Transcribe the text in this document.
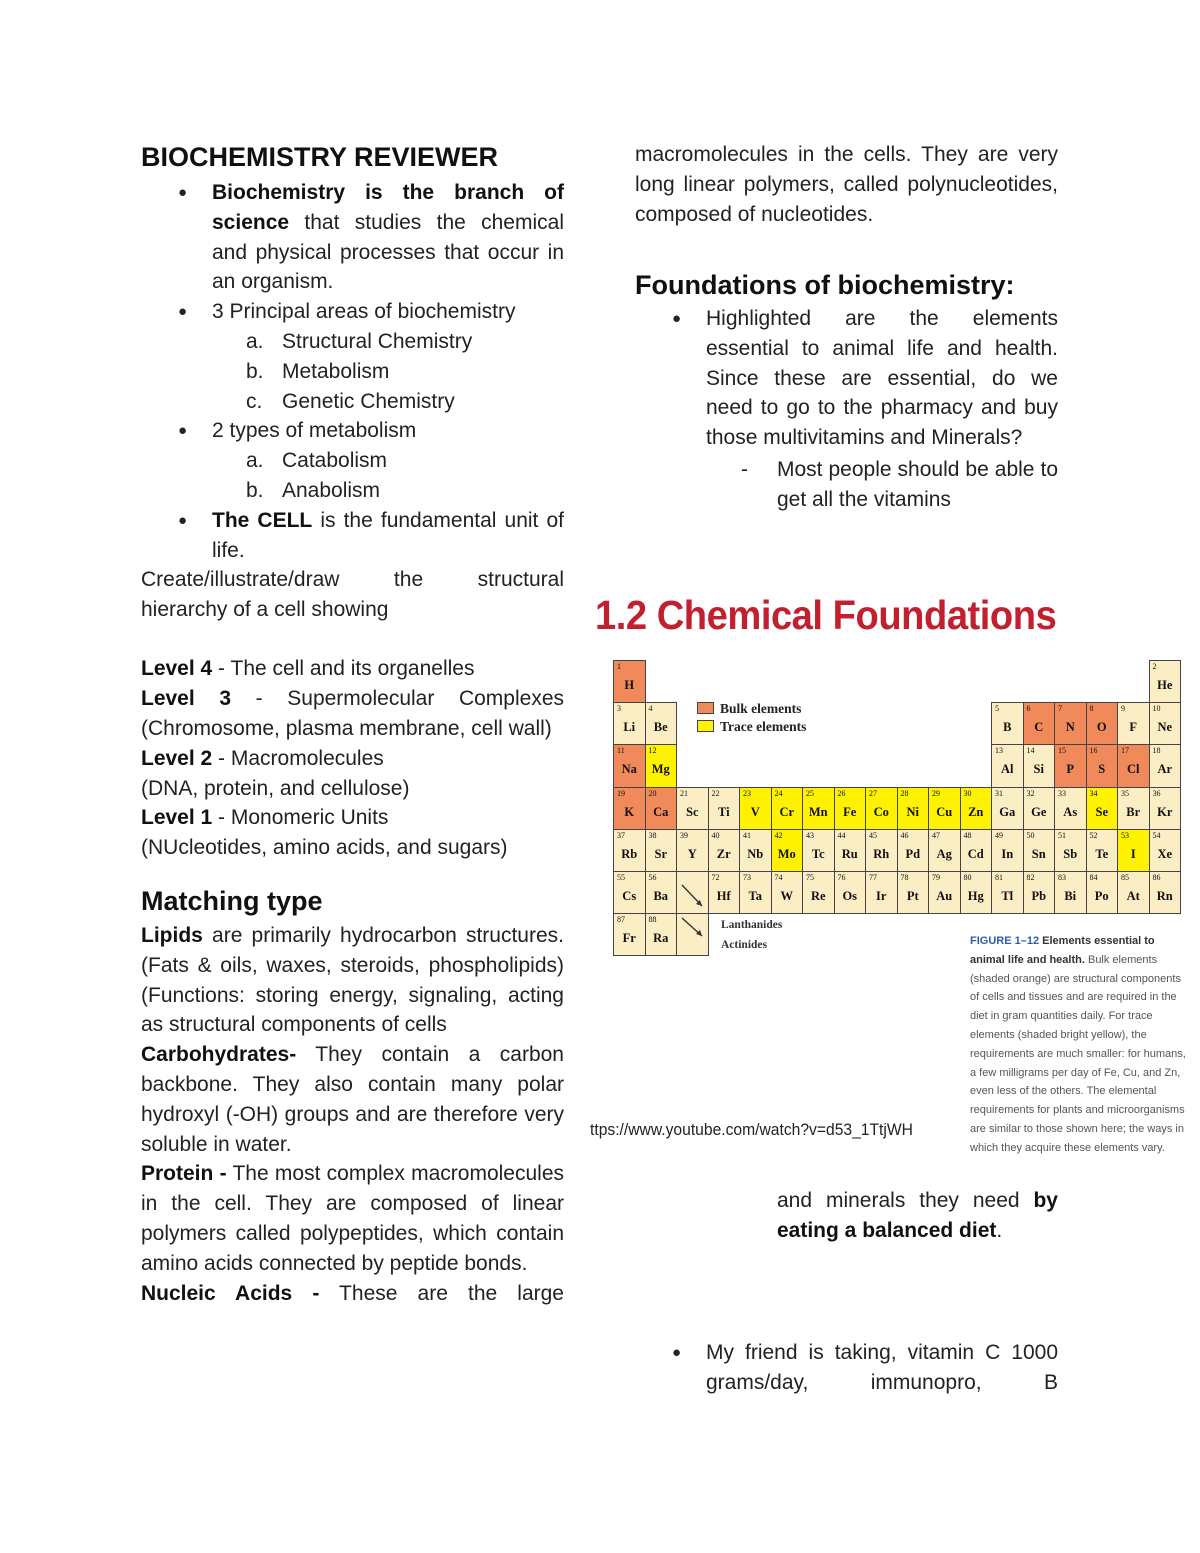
BIOCHEMISTRY REVIEWER
● Biochemistry is the branch of science that studies the chemical and physical processes that occur in an organism.
● 3 Principal areas of biochemistry
a. Structural Chemistry
b. Metabolism
c. Genetic Chemistry
● 2 types of metabolism
a. Catabolism
b. Anabolism
● The CELL is the fundamental unit of life.
Create/illustrate/draw the structural
hierarchy of a cell showing
Level 4 - The cell and its organelles
Level 3 - Supermolecular Complexes (Chromosome, plasma membrane, cell wall)
Level 2 - Macromolecules
(DNA, protein, and cellulose)
Level 1 - Monomeric Units
(NUcleotides, amino acids, and sugars)
Matching type
Lipids are primarily hydrocarbon structures. (Fats & oils, waxes, steroids, phospholipids) (Functions: storing energy, signaling, acting as structural components of cells
Carbohydrates- They contain a carbon backbone. They also contain many polar hydroxyl (-OH) groups and are therefore very soluble in water.
Protein - The most complex macromolecules in the cell. They are composed of linear polymers called polypeptides, which contain amino acids connected by peptide bonds.
Nucleic Acids - These are the large
macromolecules in the cells. They are very long linear polymers, called polynucleotides, composed of nucleotides.
Foundations of biochemistry:
● Highlighted are the elements essential to animal life and health. Since these are essential, do we need to go to the pharmacy and buy those multivitamins and Minerals?
- Most people should be able to get all the vitamins
1.2 Chemical Foundations
1
H
2
He
3
Li
4
Be
5
B
6
C
7
N
8
O
9
F
10
Ne
11
Na
12
Mg
13
Al
14
Si
15
P
16
S
17
Cl
18
Ar
19
K
20
Ca
21
Sc
22
Ti
23
V
24
Cr
25
Mn
26
Fe
27
Co
28
Ni
29
Cu
30
Zn
31
Ga
32
Ge
33
As
34
Se
35
Br
36
Kr
37
Rb
38
Sr
39
Y
40
Zr
41
Nb
42
Mo
43
Tc
44
Ru
45
Rh
46
Pd
47
Ag
48
Cd
49
In
50
Sn
51
Sb
52
Te
53
I
54
Xe
55
Cs
56
Ba
72
Hf
73
Ta
74
W
75
Re
76
Os
77
Ir
78
Pt
79
Au
80
Hg
81
Tl
82
Pb
83
Bi
84
Po
85
At
86
Rn
87
Fr
88
Ra
Bulk elements
Trace elements
Lanthanides
Actinides	FIGURE 1–12 Elements essential to animal life and health. Bulk elements (shaded orange) are structural components of cells and tissues and are required in the diet in gram quantities daily. For trace elements (shaded bright yellow), the requirements are much smaller: for humans, a few milligrams per day of Fe, Cu, and Zn, even less of the others. The elemental requirements for plants and microorganisms are similar to those shown here; the ways in which they acquire these elements vary.
ttps://www.youtube.com/watch?v=d53_1TtjWH
and minerals they need by eating a balanced diet.
● My friend is taking, vitamin C 1000 grams/day, immunopro, B
